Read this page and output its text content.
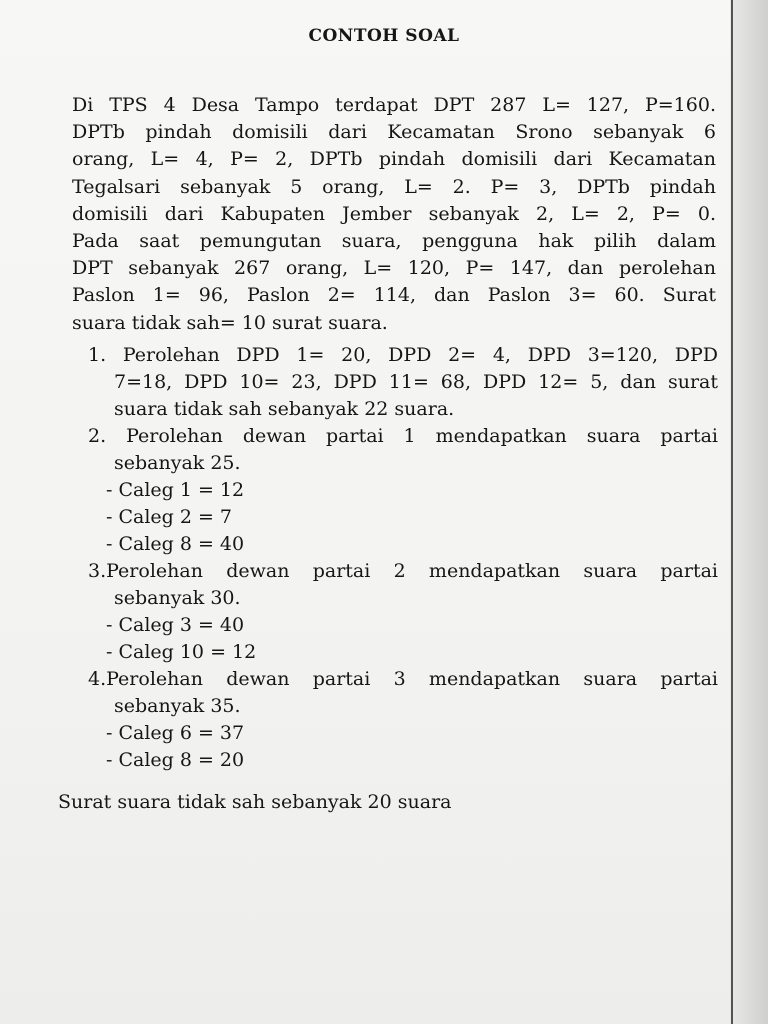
CONTOH SOAL
Di TPS 4 Desa Tampo terdapat DPT 287 L= 127, P=160.
DPTb pindah domisili dari Kecamatan Srono sebanyak 6
orang, L= 4, P= 2, DPTb pindah domisili dari Kecamatan
Tegalsari sebanyak 5 orang, L= 2. P= 3, DPTb pindah
domisili dari Kabupaten Jember sebanyak 2, L= 2, P= 0.
Pada saat pemungutan suara, pengguna hak pilih dalam
DPT sebanyak 267 orang, L= 120, P= 147, dan perolehan
Paslon 1= 96, Paslon 2= 114, dan Paslon 3= 60. Surat
suara tidak sah= 10 surat suara.
1. Perolehan DPD 1= 20, DPD 2= 4, DPD 3=120, DPD
7=18, DPD 10= 23, DPD 11= 68, DPD 12= 5, dan surat
suara tidak sah sebanyak 22 suara.
2. Perolehan dewan partai 1 mendapatkan suara partai
sebanyak 25.
- Caleg 1 = 12
- Caleg 2 = 7
- Caleg 8 = 40
3.Perolehan dewan partai 2 mendapatkan suara partai
sebanyak 30.
- Caleg 3 = 40
- Caleg 10 = 12
4.Perolehan dewan partai 3 mendapatkan suara partai
sebanyak 35.
- Caleg 6 = 37
- Caleg 8 = 20
Surat suara tidak sah sebanyak 20 suara
